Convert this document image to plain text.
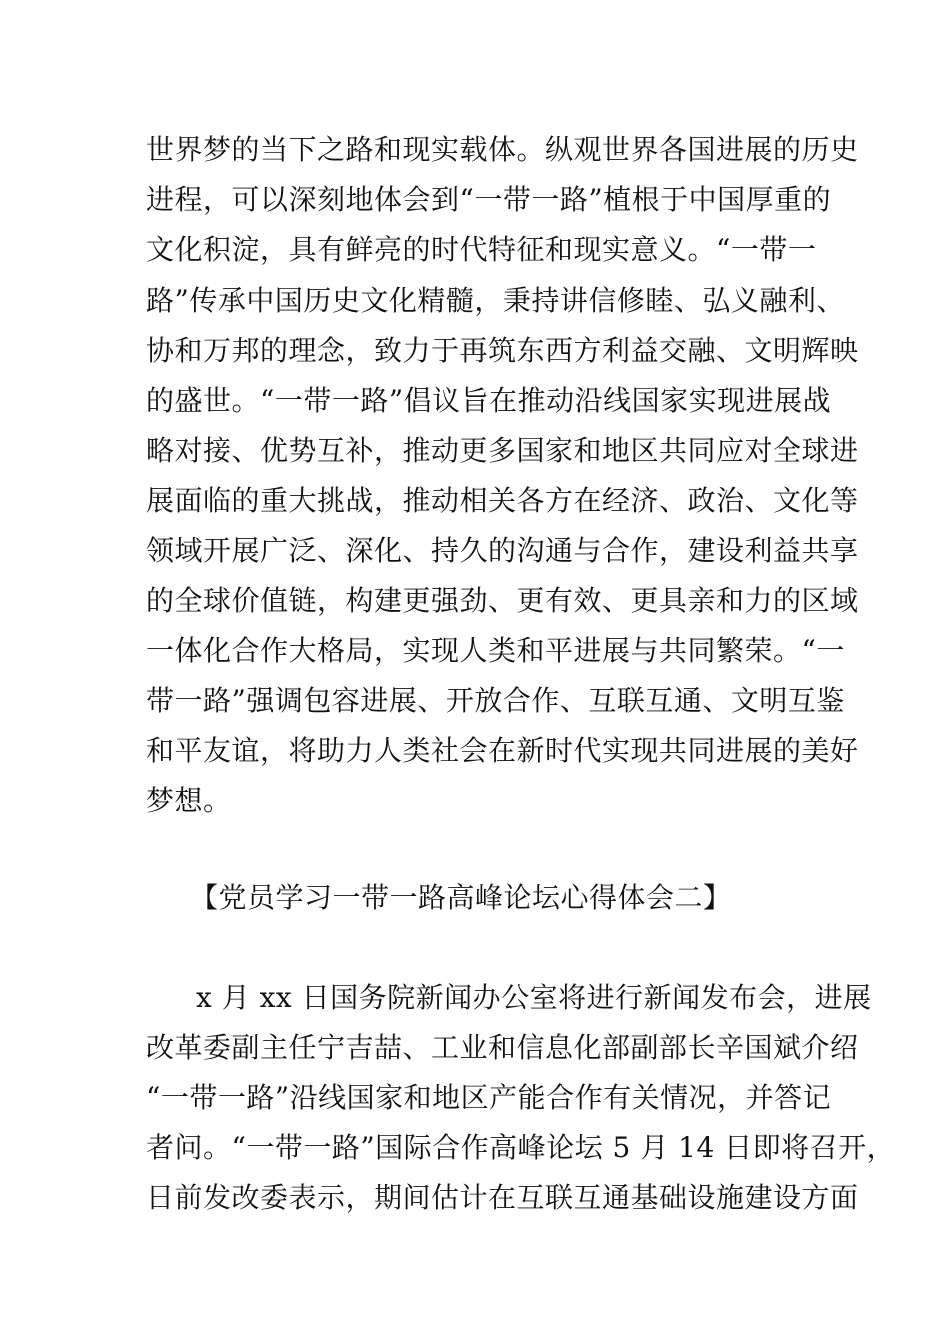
世界梦的当下之路和现实载体。纵观世界各国进展的历史
进程，可以深刻地体会到“一带一路”植根于中国厚重的
文化积淀，具有鲜亮的时代特征和现实意义。“一带一
路”传承中国历史文化精髓，秉持讲信修睦、弘义融利、
协和万邦的理念，致力于再筑东西方利益交融、文明辉映
的盛世。“一带一路”倡议旨在推动沿线国家实现进展战
略对接、优势互补，推动更多国家和地区共同应对全球进
展面临的重大挑战，推动相关各方在经济、政治、文化等
领域开展广泛、深化、持久的沟通与合作，建设利益共享
的全球价值链，构建更强劲、更有效、更具亲和力的区域
一体化合作大格局，实现人类和平进展与共同繁荣。“一
带一路”强调包容进展、开放合作、互联互通、文明互鉴
和平友谊，将助力人类社会在新时代实现共同进展的美好
梦想。
【党员学习一带一路高峰论坛心得体会二】
x 月 xx 日国务院新闻办公室将进行新闻发布会，进展
改革委副主任宁吉喆、工业和信息化部副部长辛国斌介绍
“一带一路”沿线国家和地区产能合作有关情况，并答记
者问。“一带一路”国际合作高峰论坛 5 月 14 日即将召开，
日前发改委表示，期间估计在互联互通基础设施建设方面
